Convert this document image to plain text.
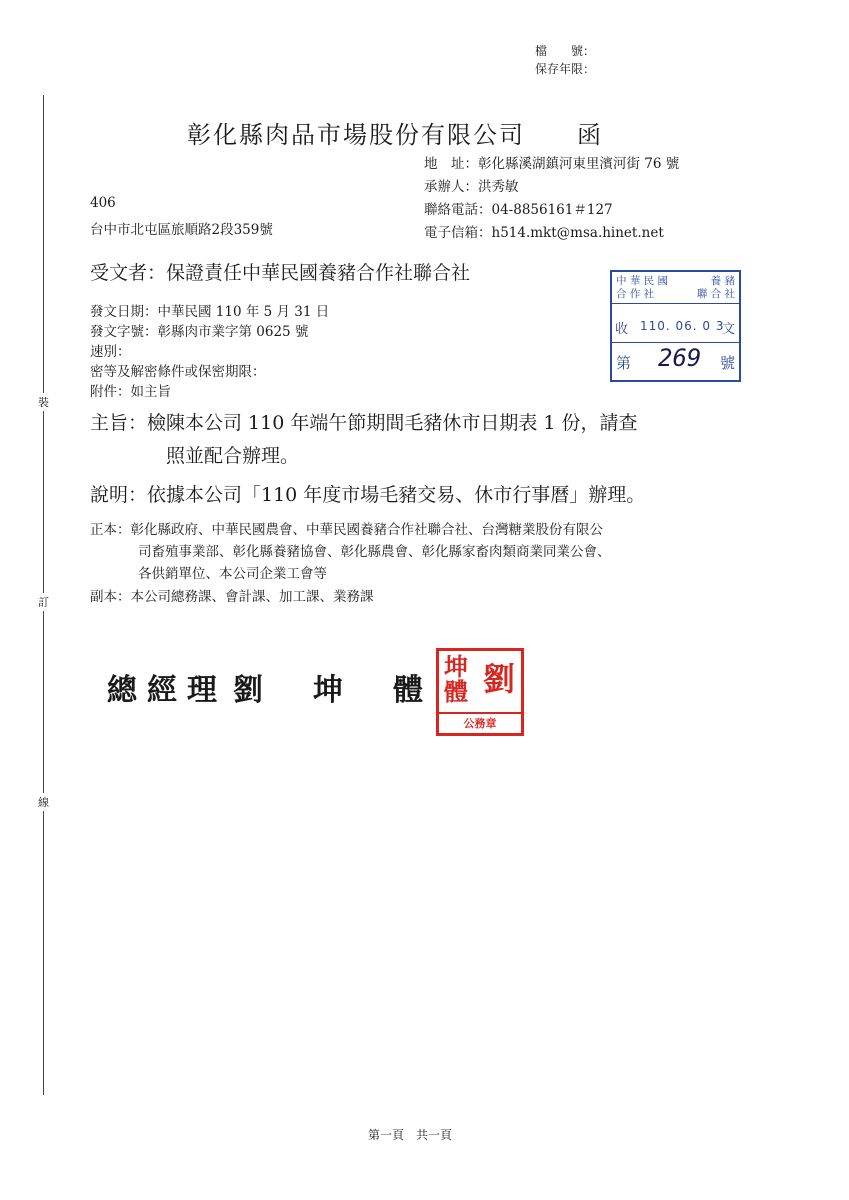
檔　　號：
保存年限：
裝
訂
線
彰化縣肉品市場股份有限公司　　函
地　址：彰化縣溪湖鎮河東里濱河街 76 號
承辦人：洪秀敏
聯絡電話：04-8856161＃127
電子信箱：h514.mkt@msa.hinet.net
406
台中市北屯區旅順路2段359號
受文者：保證責任中華民國養豬合作社聯合社	中 華 民 國
合 作 社
養 豬
聯 合 社
收 110. 06. 0 3
文
第 269 號
發文日期：中華民國 110 年 5 月 31 日
發文字號：彰縣肉市業字第 0625 號
速別：
密等及解密條件或保密期限：
附件：如主旨
主旨：檢陳本公司 110 年端午節期間毛豬休市日期表 1 份，請查
照並配合辦理。
說明：依據本公司「110 年度市場毛豬交易、休市行事曆」辦理。
正本：彰化縣政府、中華民國農會、中華民國養豬合作社聯合社、台灣糖業股份有限公
司畜殖事業部、彰化縣養豬協會、彰化縣農會、彰化縣家畜肉類商業同業公會、
各供銷單位、本公司企業工會等
副本：本公司總務課、會計課、加工課、業務課
總經理 劉　坤　體
坤
體 劉
公務章
第一頁　共一頁
